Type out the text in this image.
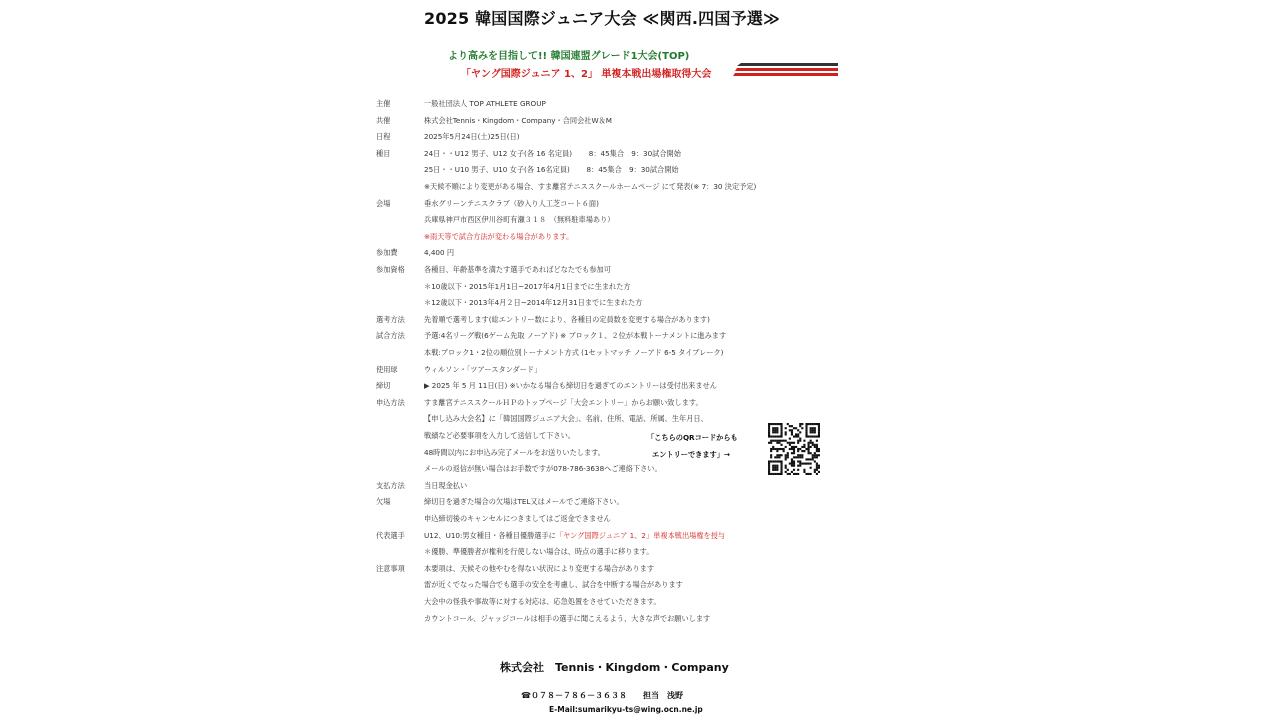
2025 韓国国際ジュニア大会 ≪関西.四国予選≫
より高みを目指して!! 韓国連盟グレード1大会(TOP)
「ヤング国際ジュニア 1、2」 単複本戦出場権取得大会
主催	一般社団法人 TOP ATHLETE GROUP
共催	株式会社Tennis・Kingdom・Company・合同会社W＆M
日程	2025年5月24日(土)25日(日)
種目	24日・・U12 男子、U12 女子(各 16 名定員)　　 8：45集合　9：30試合開始
25日・・U10 男子、U10 女子(各 16名定員)　　 8：45集合　9：30試合開始
※天候不順により変更がある場合、すま離宮テニススクールホームページ にて発表(※ 7：30 決定予定)
会場	垂水グリーンテニスクラブ（砂入り人工芝コート６面)
兵庫県神戸市西区伊川谷町有瀬３１８　（無料駐車場あり）
※雨天等で試合方法が変わる場合があります。
参加費	4,400 円
参加資格	各種目、年齢基準を満たす選手であればどなたでも参加可
＊10歳以下・2015年1月1日~2017年4月1日までに生まれた方
＊12歳以下・2013年4月２日~2014年12月31日までに生まれた方
選考方法	先着順で選考します(総エントリー数により、各種目の定員数を変更する場合があります)
試合方法	予選:4名リーグ戦(6ゲーム先取 ノーアド) ※ ブロック１、２位が本戦トーナメントに進みます
本戦:ブロック1・2位の順位別トーナメント方式 (1セットマッチ ノーアド 6-5 タイブレーク)
使用球	ウィルソン・「ツアースタンダード」
締切	▶ 2025 年 5 月 11日(日) ※いかなる場合も締切日を過ぎてのエントリーは受付出来ません
申込方法	すま離宮テニススクールＨＰのトップページ「大会エントリー」からお願い致します。
【申し込み大会名】に「韓国国際ジュニア大会」、名前、住所、電話、所属、生年月日、
戦績など必要事項を入力して送信して下さい。
48時間以内にお申込み完了メールをお送りいたします。
メールの返信が無い場合はお手数ですが078-786-3638へご連絡下さい。
支払方法	当日現金払い
欠場	締切日を過ぎた場合の欠場はTEL又はメールでご連絡下さい。
申込締切後のキャンセルにつきましてはご返金できません
代表選手	U12、U10:男女種目・各種目優勝選手に「ヤング国際ジュニア 1、2」単複本戦出場権を授与
＊優勝、準優勝者が権利を行使しない場合は、時点の選手に移ります。
注意事項	本要項は、天候その他やむを得ない状況により変更する場合があります
雷が近くでなった場合でも選手の安全を考慮し、試合を中断する場合があります
大会中の怪我や事故等に対する対応は、応急処置をさせていただきます。
カウントコール、ジャッジコールは相手の選手に聞こえるよう、大きな声でお願いします
「こちらのQRコードからも
エントリーできます」→
株式会社　Tennis・Kingdom・Company
☎０７８－７８６－３６３８　　担当　浅野
E-Mail:sumarikyu-ts@wing.ocn.ne.jp
